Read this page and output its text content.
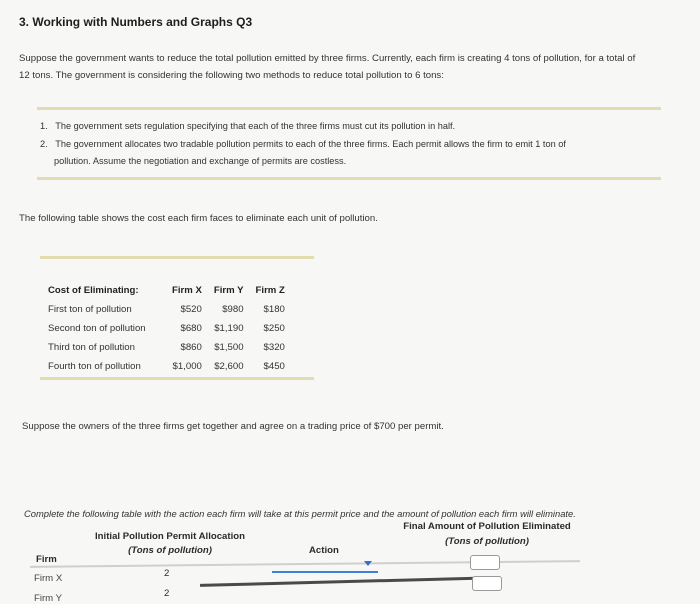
3. Working with Numbers and Graphs Q3
Suppose the government wants to reduce the total pollution emitted by three firms. Currently, each firm is creating 4 tons of pollution, for a total of
12 tons. The government is considering the following two methods to reduce total pollution to 6 tons:
1. The government sets regulation specifying that each of the three firms must cut its pollution in half.
2. The government allocates two tradable pollution permits to each of the three firms. Each permit allows the firm to emit 1 ton of
pollution. Assume the negotiation and exchange of permits are costless.
The following table shows the cost each firm faces to eliminate each unit of pollution.
Cost of Eliminating:	Firm X	Firm Y	Firm Z
First ton of pollution	$520	$980	$180
Second ton of pollution	$680	$1,190	$250
Third ton of pollution	$860	$1,500	$320
Fourth ton of pollution	$1,000	$2,600	$450
Suppose the owners of the three firms get together and agree on a trading price of $700 per permit.
Complete the following table with the action each firm will take at this permit price and the amount of pollution each firm will eliminate.
Initial Pollution Permit Allocation
(Tons of pollution)
Firm
Action
Final Amount of Pollution Eliminated
(Tons of pollution)
Firm X	2
Firm Y	2
